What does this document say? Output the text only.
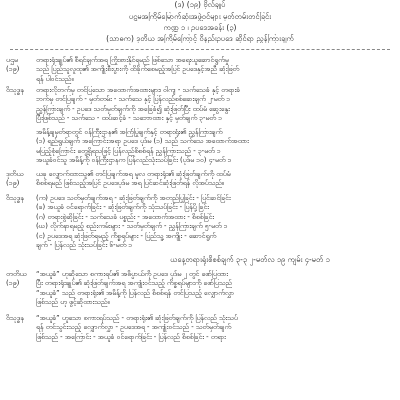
(ဒ) (၁၉) ဗိုလ်ချုပ်
ပဋ္ဌမအကြိမ်မြောက်ဆုံးအဖွဲ့ဝင်များ မှတ်တမ်းတင်ခြင်း
ကဏ္ဍ ၁ ၊ ဥပဒေအခန်း (၃)
(သာဓက) ဒုတိယ အကြိမ်ကြောင့် ဝိနည်းဥပဒေ ဆိုင်ရာ ညွှန်ကြားချက်
ပဌမ
(၁၉)
တရားရုံးချုပ်၏ စီရင်ချက်အရ ကြိုးစားနိုင်ရမည် ဖြစ်သော အရေးယူဆောင်ရွက်မှု
သည် ပြည်သူလူထု၏ အကျိုးစီးပွားကို ထိခိုက်စေမည့်အပြင် ဥပဒေနှင့်အညီ ဆုံးဖြတ်
ရန် ပါဝင်သည်။
ဝိသုဒ္ဓန	တရားလိုဘက်မှ တင်ပြသော အထောက်အထားများ၊ ဝါကျ - သက်သေခံ နှင့် တရားခံ
ဘက်မှ တင်ပြချက် - မှတ်တမ်း - သက်သေ နှင့် ပြန်လည်စစ်ဆေးချက် ၂-မတ် ၁
ညွှန်ကြားချက် - ဥပဒေ သတ်မှတ်ချက်ကို အခြေခံ၍ ဆုံးဖြတ်ပြီး ထပ်မံ ဆွေးနွေး
ပြီးဖြစ်သည် - သက်သေ - ထပ်ဆင့်ခံ - သဘောထား နှင့် မှတ်ချက် ၃-မတ် ၁
အမိန့်ချမှတ်ရာတွင် ဝန်ကြီးဌာန၏ အကြံပြုချက်နှင့် တရားရုံး၏ ညွှန်ကြားချက်
(၁) ရည်ရွယ်ချက် အကြောင်းအရာ ဥပဒေ ပုဒ်မ (၁) သည် သက်သေ အထောက်အထား
မပြည့်စုံကြောင်း တွေ့ရှိရသဖြင့် ပြန်လည်စိစစ်ရန် ညွှန်ကြားသည် - ၃-မတ် ၁
အယူခံဝင်သူ အမိန့်ကို ဝန်ကြီးဌာနက ပြန်လည်သုံးသပ်ခြင်း (ပုဒ်မ ၁၀) ၄-မတ် ၁
ဒုတိယ
(၁၉)
ယခု လျှောက်ထားသူ၏ တင်ပြချက်အရ မူလ တရားရုံး၏ ဆုံးဖြတ်ချက်ကို ထပ်မံ
စိစစ်ရမည် ဖြစ်သည့်အပြင် ဥပဒေပုဒ်မ အရ ပြင်ဆင်ဆုံးဖြတ်ရန် လိုအပ်သည်။
ဝိသုဒ္ဓန	(က) ဥပဒေ သတ်မှတ်ချက်အရ - ဆုံးဖြတ်ချက်ကို အတည်ပြုခြင်း - ပြင်ဆင်ခြင်း
(ခ) အယူခံ ဝင်ရောက်ခြင်း - ဆုံးဖြတ်ချက်ကို သုံးသပ်ခြင်း - ပြန်ပို့ခြင်း
(ဂ) တရားစွဲဆိုခြင်း - သက်သေခံ ပစ္စည်း - အထောက်အထား - စိစစ်ခြင်း
(ဃ) လိုက်နာရမည့် စည်းကမ်းများ - သတ်မှတ်ချက် - ညွှန်ကြားချက် ၅-မတ် ၁
(င) ဥပဒေအရ ဆုံးဖြတ်ရမည့် ကိစ္စရပ်များ - ပြည်သူ့ အကျိုး - ဆောင်ရွက်
ချက် - ပြန်လည် သုံးသပ်ခြင်း ၆-မတ် ၁
ယနေ့တရားရုံးစိစစ်ချက် ၃-၃ ၂-မတ်လ ၁၉ ကျမ်း ၄-မတ် ၁
တတိယ
(၁၉)
“အယူခံ” ဟုဆိုသော စကားရပ်၏ အဓိပ္ပာယ်ကို ဥပဒေ ပုဒ်မ ၂ တွင် ဖော်ပြထား
ပြီး တရားရုံးချုပ်၏ ဆုံးဖြတ်ချက်အရ အကျုံးဝင်သည့် ကိစ္စရပ်များကို ဖော်ပြသည်
“အယူခံ” သည် တရားရုံး၏ အမိန့်ကို ပြန်လည် စိစစ်ရန် တင်ပြသည့် လျှောက်လွှာ
ဖြစ်သည် ဟု ဖွင့်ဆိုထားသည်။
ဝိသုဒ္ဓန	“အယူခံ” ဟူသော စကားရပ်သည် - တရားရုံး၏ ဆုံးဖြတ်ချက်ကို ပြန်လည် သုံးသပ်
ရန် တင်သွင်းသည့် လျှောက်လွှာ - ဥပဒေအရ - အကျုံးဝင်သည် - သတ်မှတ်ချက်
ဖြစ်သည် - အကြောင်း - အယူခံ ဝင်ရောက်ခြင်း - ပြန်လည် စိစစ်ခြင်း - တရား
